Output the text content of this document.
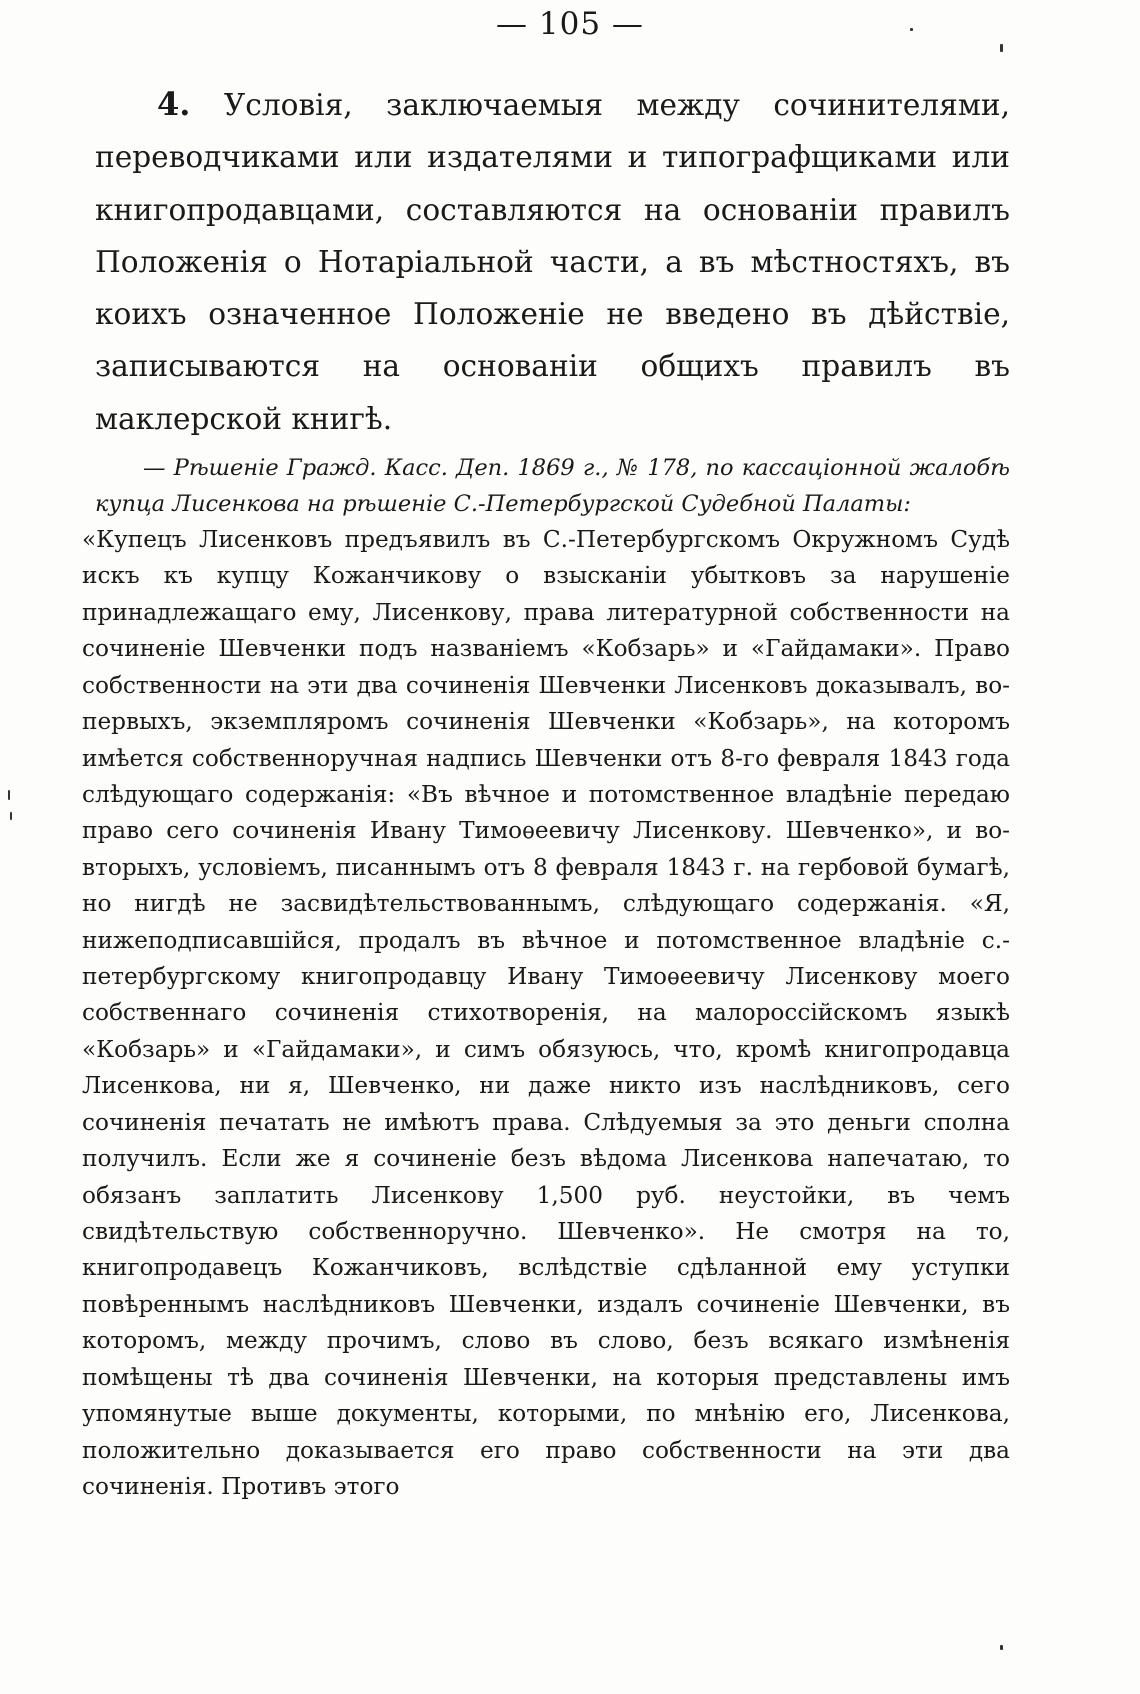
— 105 —

4. Условія, заключаемыя между сочинителями, переводчиками или издателями и типографщиками или книгопродавцами, составляются на основаніи правилъ Положенія о Нотаріальной части, а въ мѣстностяхъ, въ коихъ означенное Положеніе не введено въ дѣйствіе, записываются на основаніи общихъ правилъ въ маклерской книгѣ.

— Рѣшеніе Гражд. Касс. Деп. 1869 г., № 178, по кассаціонной жалобѣ купца Лисенкова на рѣшеніе С.-Петербургской Судебной Палаты:

«Купецъ Лисенковъ предъявилъ въ С.-Петербургскомъ Окружномъ Судѣ искъ къ купцу Кожанчикову о взысканіи убытковъ за нарушеніе принадлежащаго ему, Лисенкову, права литературной собственности на сочиненіе Шевченки подъ названіемъ «Кобзарь» и «Гайдамаки». Право собственности на эти два сочиненія Шевченки Лисенковъ доказывалъ, во-первыхъ, экземпляромъ сочиненія Шевченки «Кобзарь», на которомъ имѣется собственноручная надпись Шевченки отъ 8-го февраля 1843 года слѣдующаго содержанія: «Въ вѣчное и потомственное владѣніе передаю право сего сочиненія Ивану Тимоѳеевичу Лисенкову. Шевченко», и во-вторыхъ, условіемъ, писаннымъ отъ 8 февраля 1843 г. на гербовой бумагѣ, но нигдѣ не засвидѣтельствованнымъ, слѣдующаго содержанія. «Я, нижеподписавшійся, продалъ въ вѣчное и потомственное владѣніе с.-петербургскому книгопродавцу Ивану Тимоѳеевичу Лисенкову моего собственнаго сочиненія стихотворенія, на малороссійскомъ языкѣ «Кобзарь» и «Гайдамаки», и симъ обязуюсь, что, кромѣ книгопродавца Лисенкова, ни я, Шевченко, ни даже никто изъ наслѣдниковъ, сего сочиненія печатать не имѣютъ права. Слѣдуемыя за это деньги сполна получилъ. Если же я сочиненіе безъ вѣдома Лисенкова напечатаю, то обязанъ заплатить Лисенкову 1,500 руб. неустойки, въ чемъ свидѣтельствую собственноручно. Шевченко». Не смотря на то, книгопродавецъ Кожанчиковъ, вслѣдствіе сдѣланной ему уступки повѣреннымъ наслѣдниковъ Шевченки, издалъ сочиненіе Шевченки, въ которомъ, между прочимъ, слово въ слово, безъ всякаго измѣненія помѣщены тѣ два сочиненія Шевченки, на которыя представлены имъ упомянутые выше документы, которыми, по мнѣнію его, Лисенкова, положительно доказывается его право собственности на эти два сочиненія. Противъ этого
